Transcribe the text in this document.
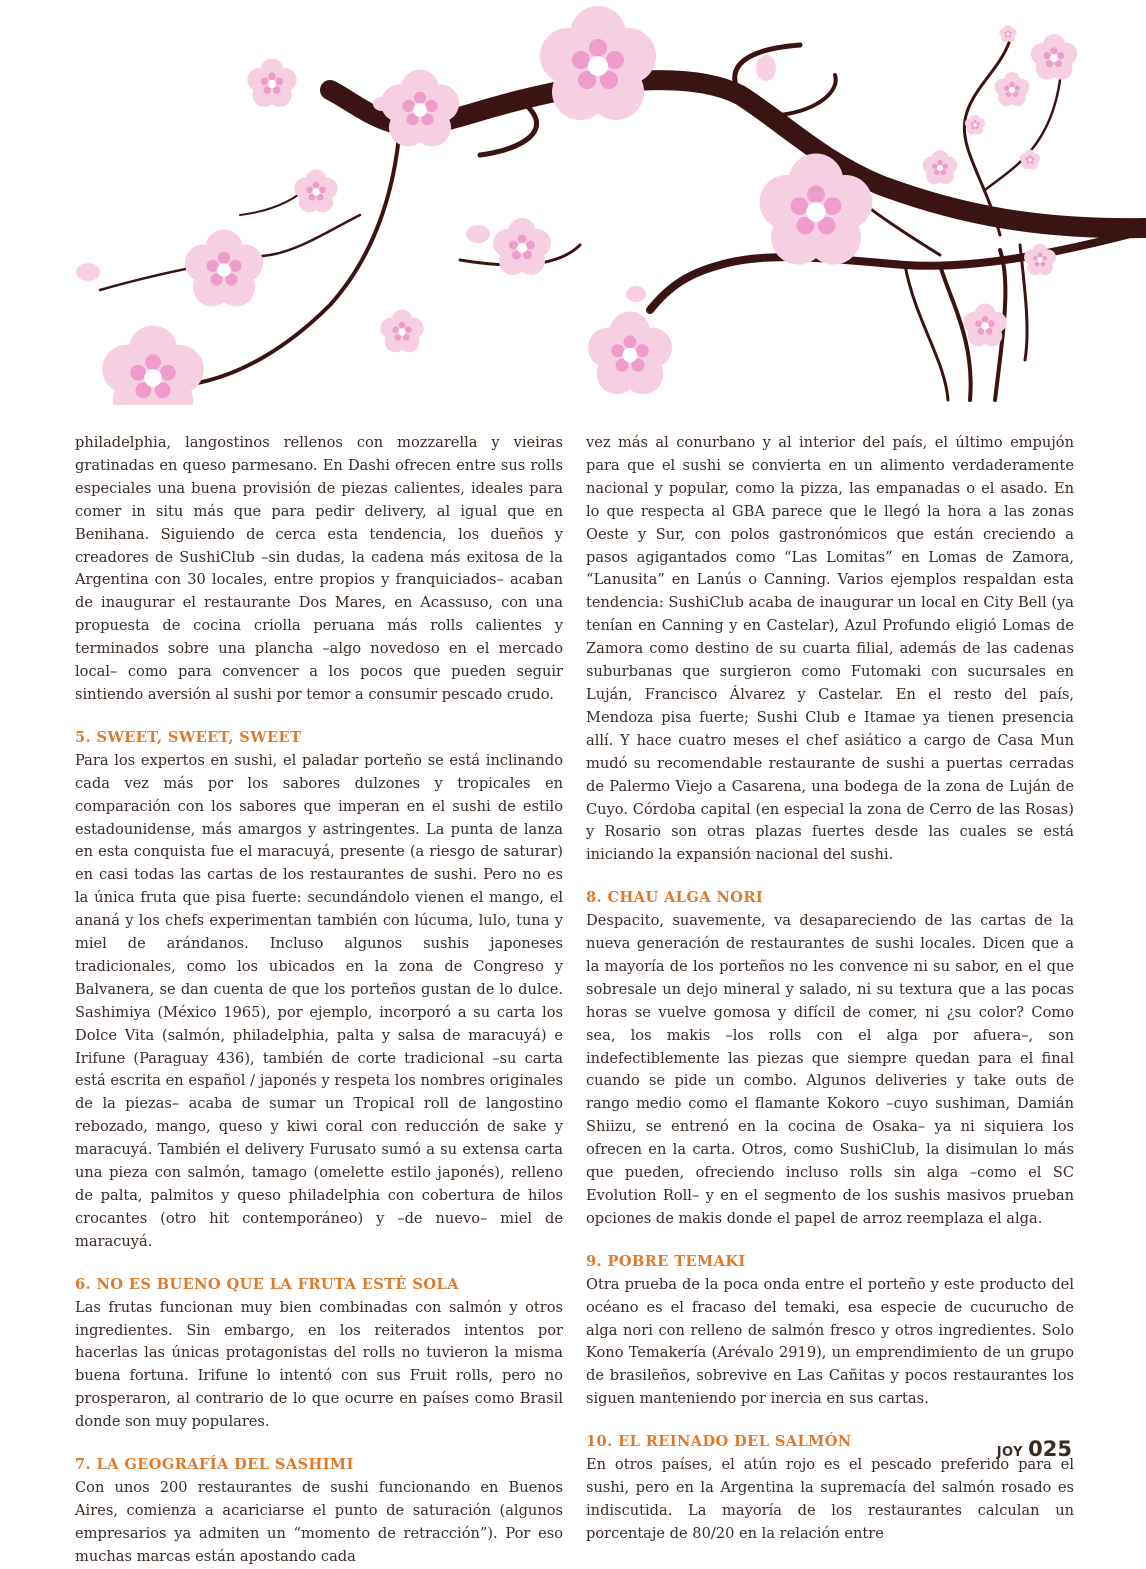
philadelphia, langostinos rellenos con mozzarella y vieiras gratinadas en queso parmesano. En Dashi ofrecen entre sus rolls especiales una buena provisión de piezas calientes, ideales para comer in situ más que para pedir delivery, al igual que en Benihana. Siguiendo de cerca esta tendencia, los dueños y creadores de SushiClub –sin dudas, la cadena más exitosa de la Argentina con 30 locales, entre propios y franquiciados– acaban de inaugurar el restaurante Dos Mares, en Acassuso, con una propuesta de cocina criolla peruana más rolls calientes y terminados sobre una plancha –algo novedoso en el mercado local– como para convencer a los pocos que pueden seguir sintiendo aversión al sushi por temor a consumir pescado crudo.

5. SWEET, SWEET, SWEET

Para los expertos en sushi, el paladar porteño se está inclinando cada vez más por los sabores dulzones y tropicales en comparación con los sabores que imperan en el sushi de estilo estadounidense, más amargos y astringentes. La punta de lanza en esta conquista fue el maracuyá, presente (a riesgo de saturar) en casi todas las cartas de los restaurantes de sushi. Pero no es la única fruta que pisa fuerte: secundándolo vienen el mango, el ananá y los chefs experimentan también con lúcuma, lulo, tuna y miel de arándanos. Incluso algunos sushis japoneses tradicionales, como los ubicados en la zona de Congreso y Balvanera, se dan cuenta de que los porteños gustan de lo dulce. Sashimiya (México 1965), por ejemplo, incorporó a su carta los Dolce Vita (salmón, philadelphia, palta y salsa de maracuyá) e Irifune (Paraguay 436), también de corte tradicional –su carta está escrita en español / japonés y respeta los nombres originales de la piezas– acaba de sumar un Tropical roll de langostino rebozado, mango, queso y kiwi coral con reducción de sake y maracuyá. También el delivery Furusato sumó a su extensa carta una pieza con salmón, tamago (omelette estilo japonés), relleno de palta, palmitos y queso philadelphia con cobertura de hilos crocantes (otro hit contemporáneo) y –de nuevo– miel de maracuyá.

6. NO ES BUENO QUE LA FRUTA ESTÉ SOLA

Las frutas funcionan muy bien combinadas con salmón y otros ingredientes. Sin embargo, en los reiterados intentos por hacerlas las únicas protagonistas del rolls no tuvieron la misma buena fortuna. Irifune lo intentó con sus Fruit rolls, pero no prosperaron, al contrario de lo que ocurre en países como Brasil donde son muy populares.

7. LA GEOGRAFÍA DEL SASHIMI

Con unos 200 restaurantes de sushi funcionando en Buenos Aires, comienza a acariciarse el punto de saturación (algunos empresarios ya admiten un “momento de retracción”). Por eso muchas marcas están apostando cada

vez más al conurbano y al interior del país, el último empujón para que el sushi se convierta en un alimento verdaderamente nacional y popular, como la pizza, las empanadas o el asado. En lo que respecta al GBA parece que le llegó la hora a las zonas Oeste y Sur, con polos gastronómicos que están creciendo a pasos agigantados como “Las Lomitas” en Lomas de Zamora, “Lanusita” en Lanús o Canning. Varios ejemplos respaldan esta tendencia: SushiClub acaba de inaugurar un local en City Bell (ya tenían en Canning y en Castelar), Azul Profundo eligió Lomas de Zamora como destino de su cuarta filial, además de las cadenas suburbanas que surgieron como Futomaki con sucursales en Luján, Francisco Álvarez y Castelar. En el resto del país, Mendoza pisa fuerte; Sushi Club e Itamae ya tienen presencia allí. Y hace cuatro meses el chef asiático a cargo de Casa Mun mudó su recomendable restaurante de sushi a puertas cerradas de Palermo Viejo a Casarena, una bodega de la zona de Luján de Cuyo. Córdoba capital (en especial la zona de Cerro de las Rosas) y Rosario son otras plazas fuertes desde las cuales se está iniciando la expansión nacional del sushi.

8. CHAU ALGA NORI

Despacito, suavemente, va desapareciendo de las cartas de la nueva generación de restaurantes de sushi locales. Dicen que a la mayoría de los porteños no les convence ni su sabor, en el que sobresale un dejo mineral y salado, ni su textura que a las pocas horas se vuelve gomosa y difícil de comer, ni ¿su color? Como sea, los makis –los rolls con el alga por afuera–, son indefectiblemente las piezas que siempre quedan para el final cuando se pide un combo. Algunos deliveries y take outs de rango medio como el flamante Kokoro –cuyo sushiman, Damián Shiizu, se entrenó en la cocina de Osaka– ya ni siquiera los ofrecen en la carta. Otros, como SushiClub, la disimulan lo más que pueden, ofreciendo incluso rolls sin alga –como el SC Evolution Roll– y en el segmento de los sushis masivos prueban opciones de makis donde el papel de arroz reemplaza el alga.

9. POBRE TEMAKI

Otra prueba de la poca onda entre el porteño y este producto del océano es el fracaso del temaki, esa especie de cucurucho de alga nori con relleno de salmón fresco y otros ingredientes. Solo Kono Temakería (Arévalo 2919), un emprendimiento de un grupo de brasileños, sobrevive en Las Cañitas y pocos restaurantes los siguen manteniendo por inercia en sus cartas.

10. EL REINADO DEL SALMÓN

En otros países, el atún rojo es el pescado preferido para el sushi, pero en la Argentina la supremacía del salmón rosado es indiscutida. La mayoría de los restaurantes calculan un porcentaje de 80/20 en la relación entre

JOY 025
